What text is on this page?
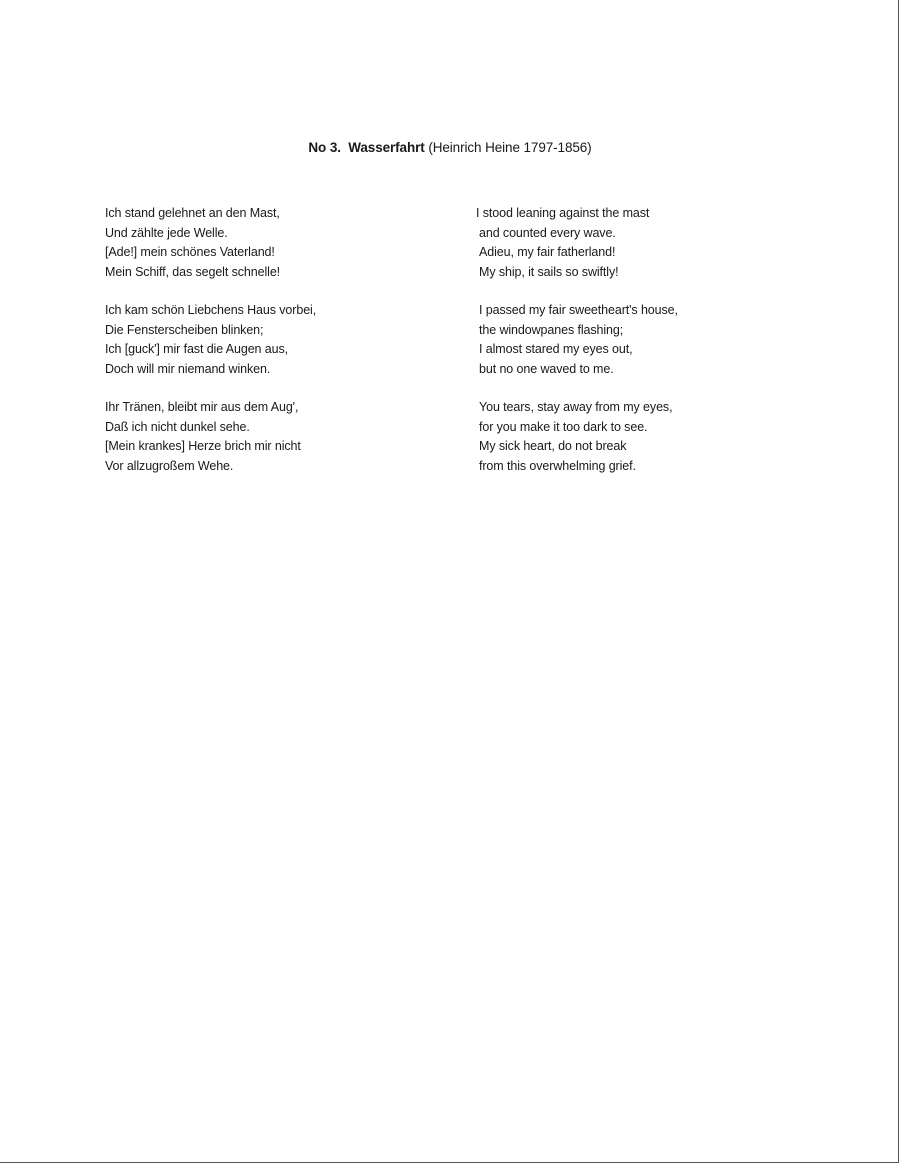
No 3. Wasserfahrt (Heinrich Heine 1797-1856)
Ich stand gelehnet an den Mast,
Und zählte jede Welle.
[Ade!] mein schönes Vaterland!
Mein Schiff, das segelt schnelle!
Ich kam schön Liebchens Haus vorbei,
Die Fensterscheiben blinken;
Ich [guck'] mir fast die Augen aus,
Doch will mir niemand winken.
Ihr Tränen, bleibt mir aus dem Aug',
Daß ich nicht dunkel sehe.
[Mein krankes] Herze brich mir nicht
Vor allzugroßem Wehe.
I stood leaning against the mast
and counted every wave.
Adieu, my fair fatherland!
My ship, it sails so swiftly!
I passed my fair sweetheart's house,
the windowpanes flashing;
I almost stared my eyes out,
but no one waved to me.
You tears, stay away from my eyes,
for you make it too dark to see.
My sick heart, do not break
from this overwhelming grief.
